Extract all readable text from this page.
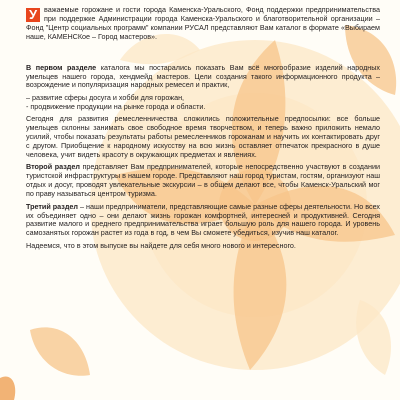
У важаемые горожане и гости города Каменска-Уральского, Фонд поддержки предпринимательства при поддержке Администрации города Каменска-Уральского и благотворительной организации – Фонд "Центр социальных программ" компании РУСАЛ представляют Вам каталог в формате «Выбираем наше, КАМЕНСКое – Город мастеров».

В первом разделе каталога мы постарались показать Вам всё многообразие изделий народных умельцев нашего города, хендмейд мастеров. Цели создания такого информационного продукта – возрождение и популяризация народных ремесел и практик,

– развитие сферы досуга и хобби для горожан,
- продвижение продукции на рынке города и области.

Сегодня для развития ремесленничества сложились положительные предпосылки: все больше умельцев склонны занимать свое свободное время творчеством, и теперь важно приложить немало усилий, чтобы показать результаты работы ремесленников горожанам и научить их контактировать друг с другом. Приобщение к народному искусству на всю жизнь оставляет отпечаток прекрасного в душе человека, учит видеть красоту в окружающих предметах и явлениях.

Второй раздел представляет Вам предпринимателей, которые непосредственно участвуют в создании туристской инфраструктуры в нашем городе. Представляют наш город туристам, гостям, организуют наш отдых и досуг, проводят увлекательные экскурсии – в общем делают все, чтобы Каменск-Уральский мог по праву называться центром туризма.

Третий раздел – наши предприниматели, представляющие самые разные сферы деятельности. Но всех их объединяет одно – они делают жизнь горожан комфортней, интересней и продуктивней. Сегодня развитие малого и среднего предпринимательства играет большую роль для нашего города. И уровень самозанятых горожан растет из года в год, в чем Вы сможете убедиться, изучив наш каталог.

Надеемся, что в этом выпуске вы найдете для себя много нового и интересного.
